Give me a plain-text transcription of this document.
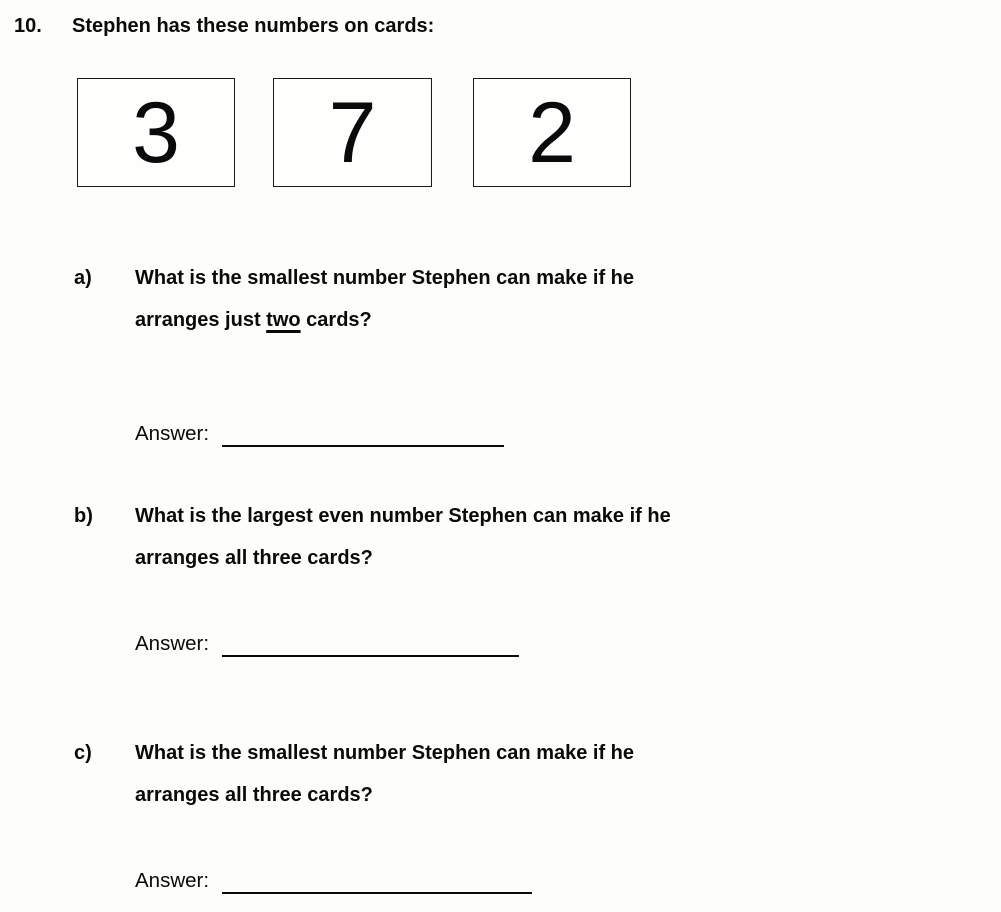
10. Stephen has these numbers on cards:
3 7 2
a) What is the smallest number Stephen can make if he
arranges just two cards?
Answer:
b) What is the largest even number Stephen can make if he
arranges all three cards?
Answer:
c) What is the smallest number Stephen can make if he
arranges all three cards?
Answer:
